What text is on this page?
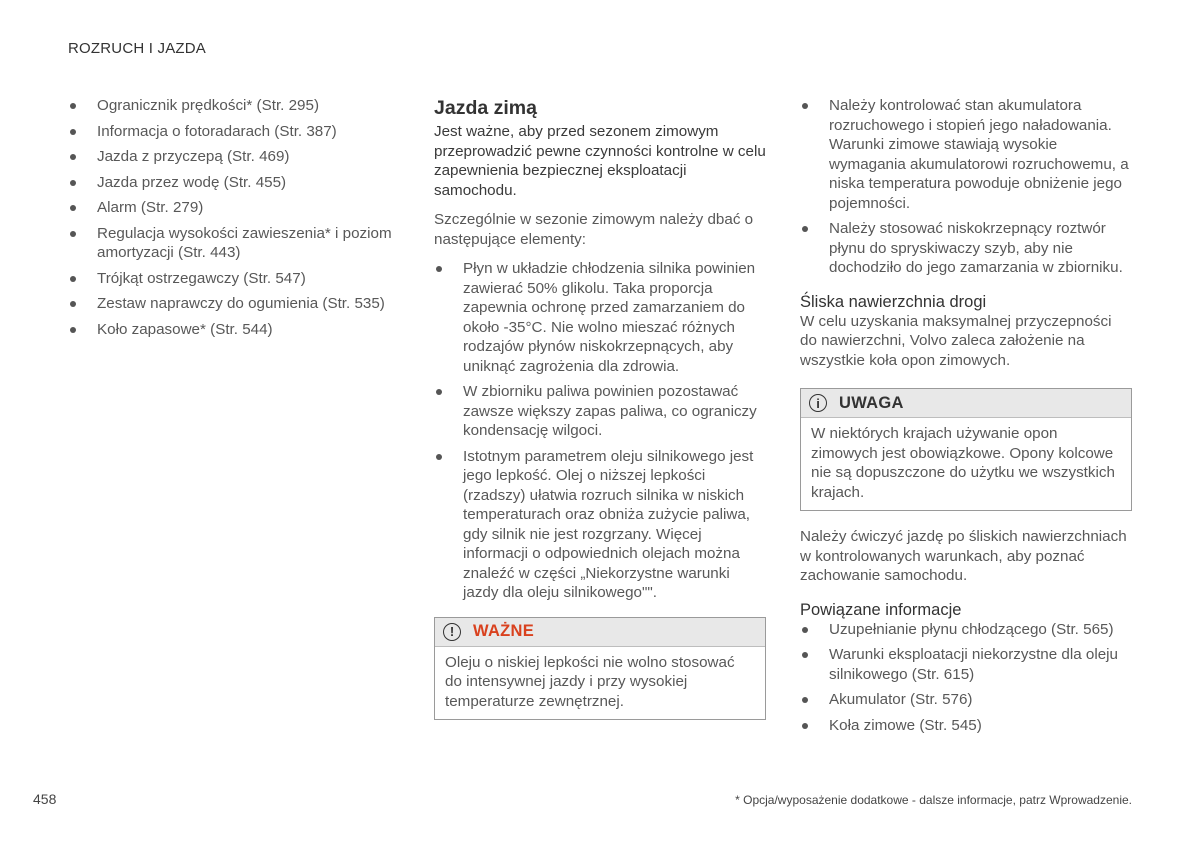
ROZRUCH I JAZDA
Ogranicznik prędkości* (Str. 295)
Informacja o fotoradarach (Str. 387)
Jazda z przyczepą (Str. 469)
Jazda przez wodę (Str. 455)
Alarm (Str. 279)
Regulacja wysokości zawieszenia* i poziom amortyzacji (Str. 443)
Trójkąt ostrzegawczy (Str. 547)
Zestaw naprawczy do ogumienia (Str. 535)
Koło zapasowe* (Str. 544)
Jazda zimą
Jest ważne, aby przed sezonem zimowym przeprowadzić pewne czynności kontrolne w celu zapewnienia bezpiecznej eksploatacji samochodu.

Szczególnie w sezonie zimowym należy dbać o następujące elementy:

Płyn w układzie chłodzenia silnika powinien zawierać 50% glikolu. Taka proporcja zapewnia ochronę przed zamarzaniem do około -35°C. Nie wolno mieszać różnych rodzajów płynów niskokrzepnących, aby uniknąć zagrożenia dla zdrowia.
W zbiorniku paliwa powinien pozostawać zawsze większy zapas paliwa, co ograniczy kondensację wilgoci.
Istotnym parametrem oleju silnikowego jest jego lepkość. Olej o niższej lepkości (rzadszy) ułatwia rozruch silnika w niskich temperaturach oraz obniża zużycie paliwa, gdy silnik nie jest rozgrzany. Więcej informacji o odpowiednich olejach można znaleźć w części „Niekorzystne warunki jazdy dla oleju silnikowego"".
!	WAŻNE
Oleju o niskiej lepkości nie wolno stosować do intensywnej jazdy i przy wysokiej temperaturze zewnętrznej.
Należy kontrolować stan akumulatora rozruchowego i stopień jego naładowania. Warunki zimowe stawiają wysokie wymagania akumulatorowi rozruchowemu, a niska temperatura powoduje obniżenie jego pojemności.
Należy stosować niskokrzepnący roztwór płynu do spryskiwaczy szyb, aby nie dochodziło do jego zamarzania w zbiorniku.
Śliska nawierzchnia drogi

W celu uzyskania maksymalnej przyczepności do nawierzchni, Volvo zaleca założenie na wszystkie koła opon zimowych.

i	UWAGA
W niektórych krajach używanie opon zimowych jest obowiązkowe. Opony kolcowe nie są dopuszczone do użytku we wszystkich krajach.

Należy ćwiczyć jazdę po śliskich nawierzchniach w kontrolowanych warunkach, aby poznać zachowanie samochodu.

Powiązane informacje
Uzupełnianie płynu chłodzącego (Str. 565)
Warunki eksploatacji niekorzystne dla oleju silnikowego (Str. 615)
Akumulator (Str. 576)
Koła zimowe (Str. 545)
458	* Opcja/wyposażenie dodatkowe - dalsze informacje, patrz Wprowadzenie.
